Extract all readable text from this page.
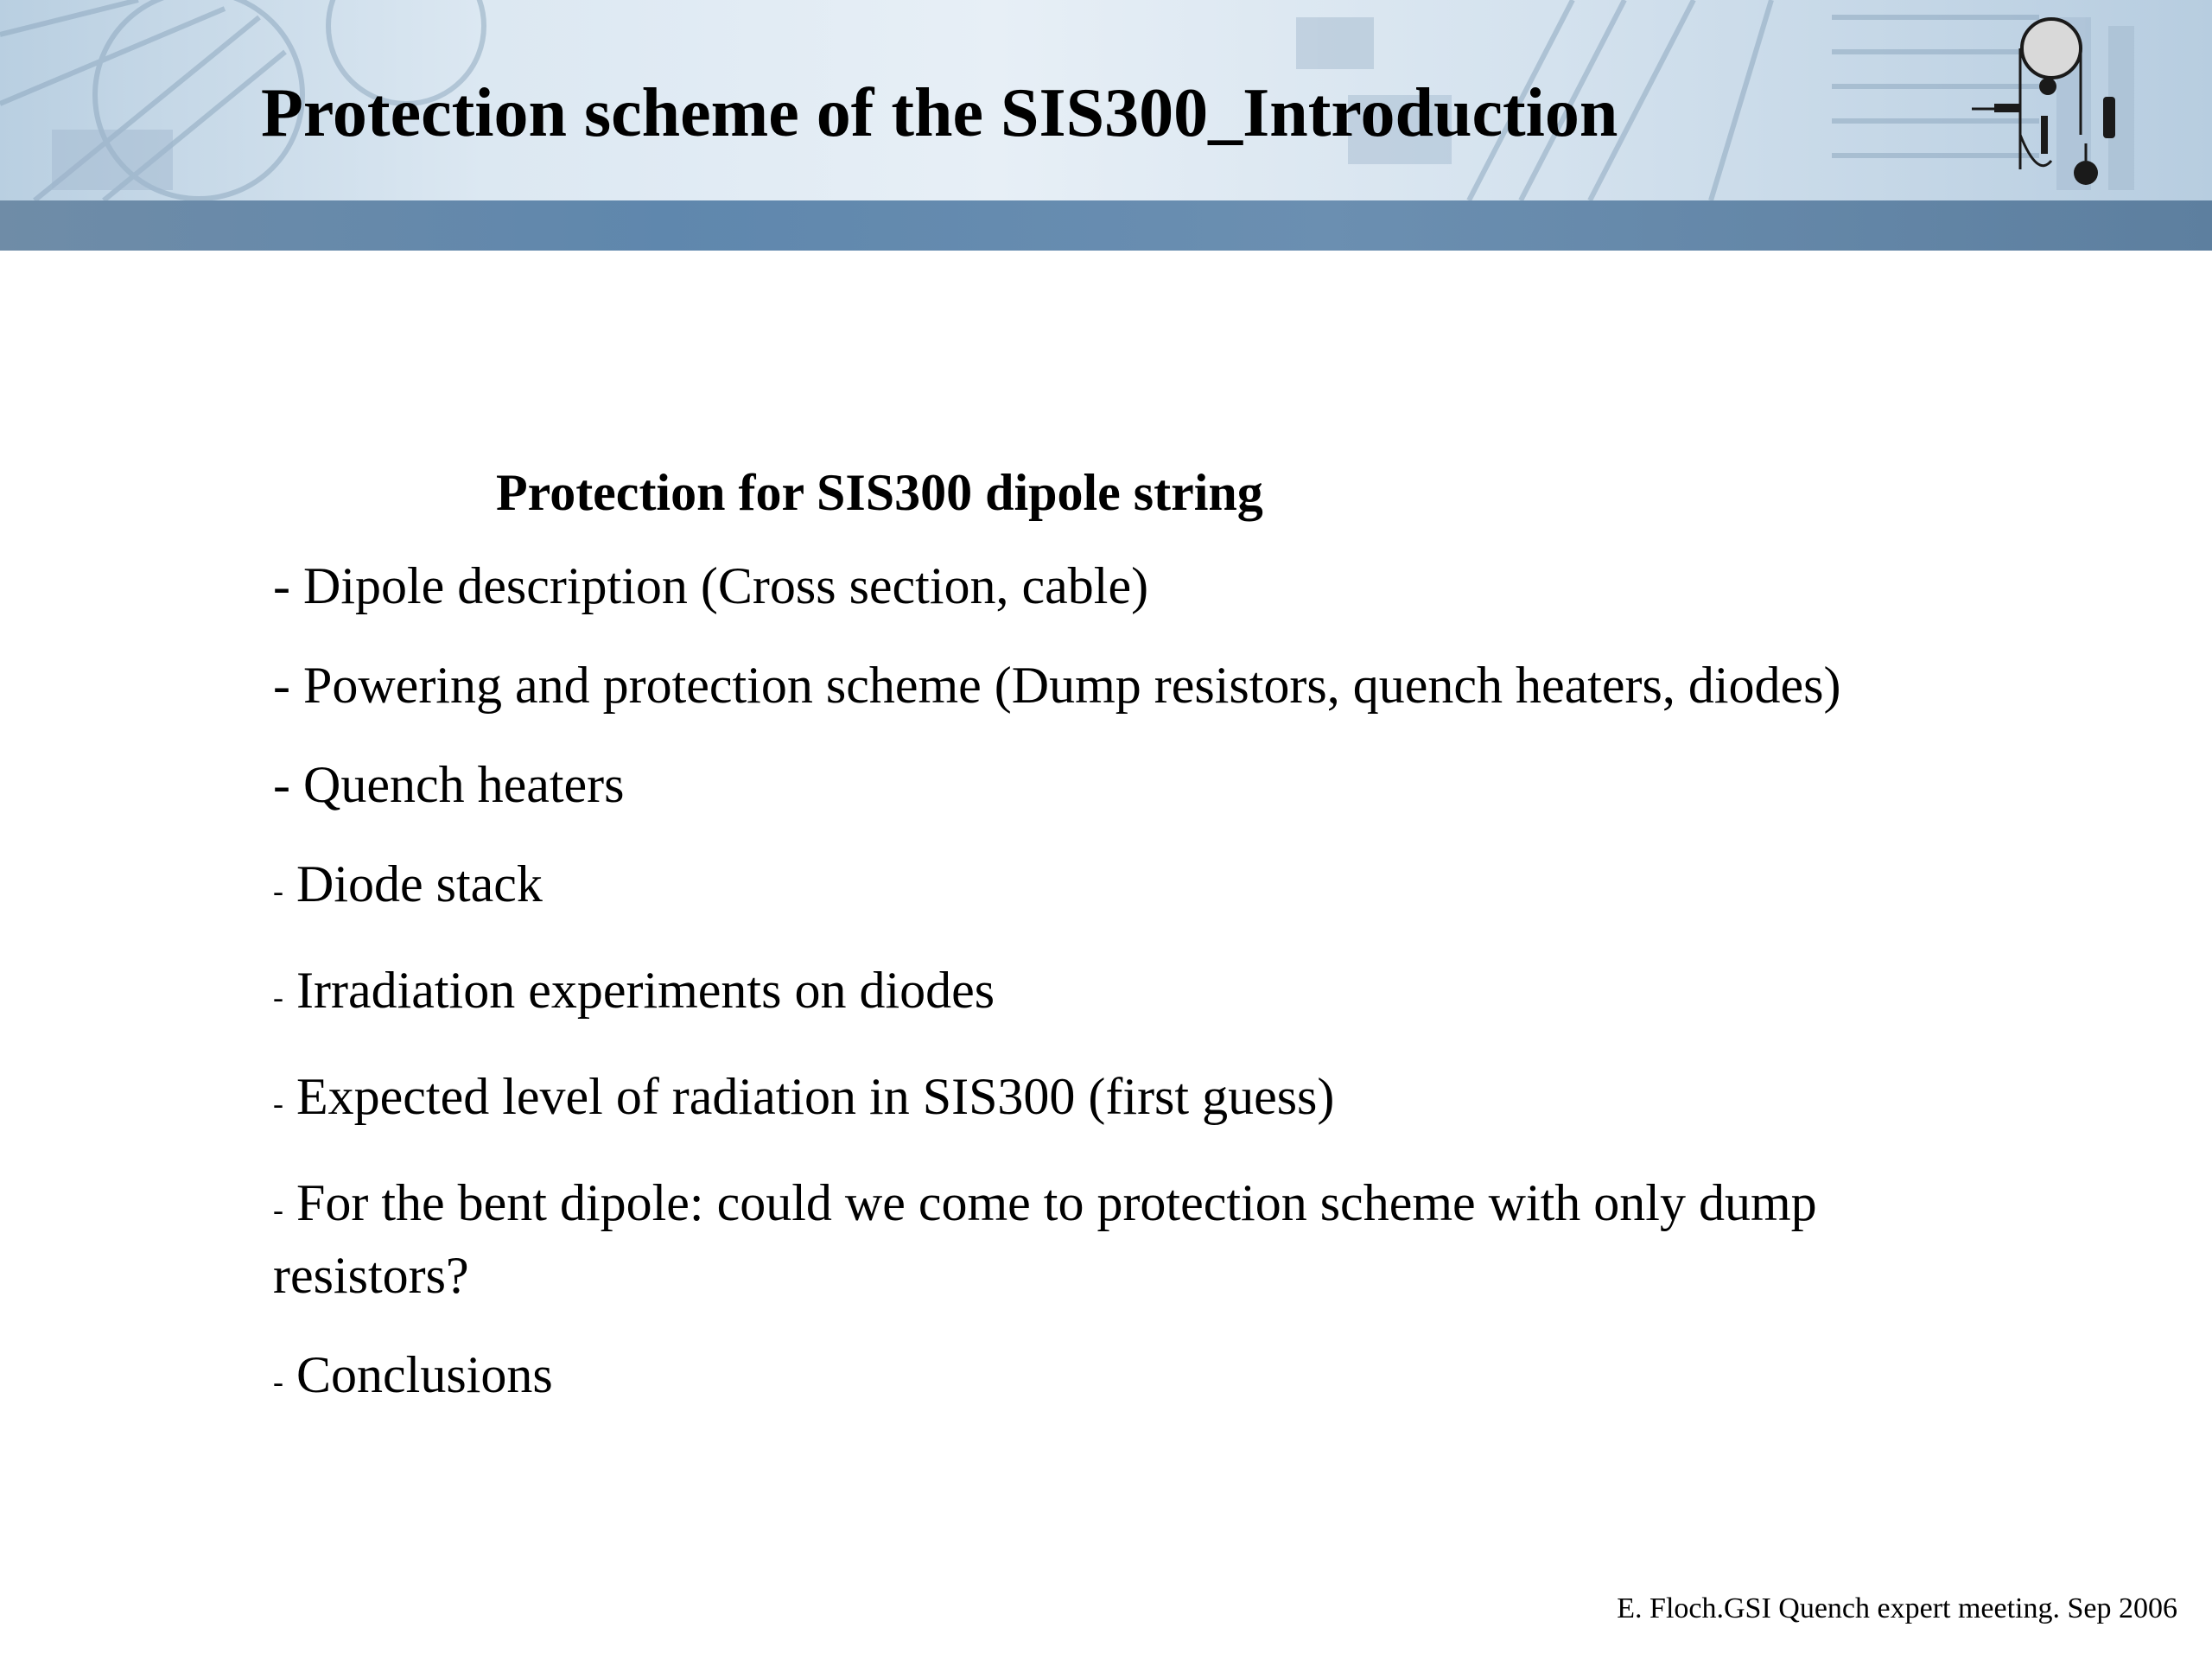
Protection scheme of the SIS300_Introduction
Protection for SIS300 dipole string
- Dipole description (Cross section, cable)
- Powering and protection scheme (Dump resistors, quench heaters, diodes)
- Quench heaters
- Diode stack
- Irradiation experiments on diodes
- Expected level of radiation in SIS300 (first guess)
- For the bent dipole: could we come to protection scheme with only dump resistors?
- Conclusions
E. Floch.GSI Quench expert meeting. Sep 2006
